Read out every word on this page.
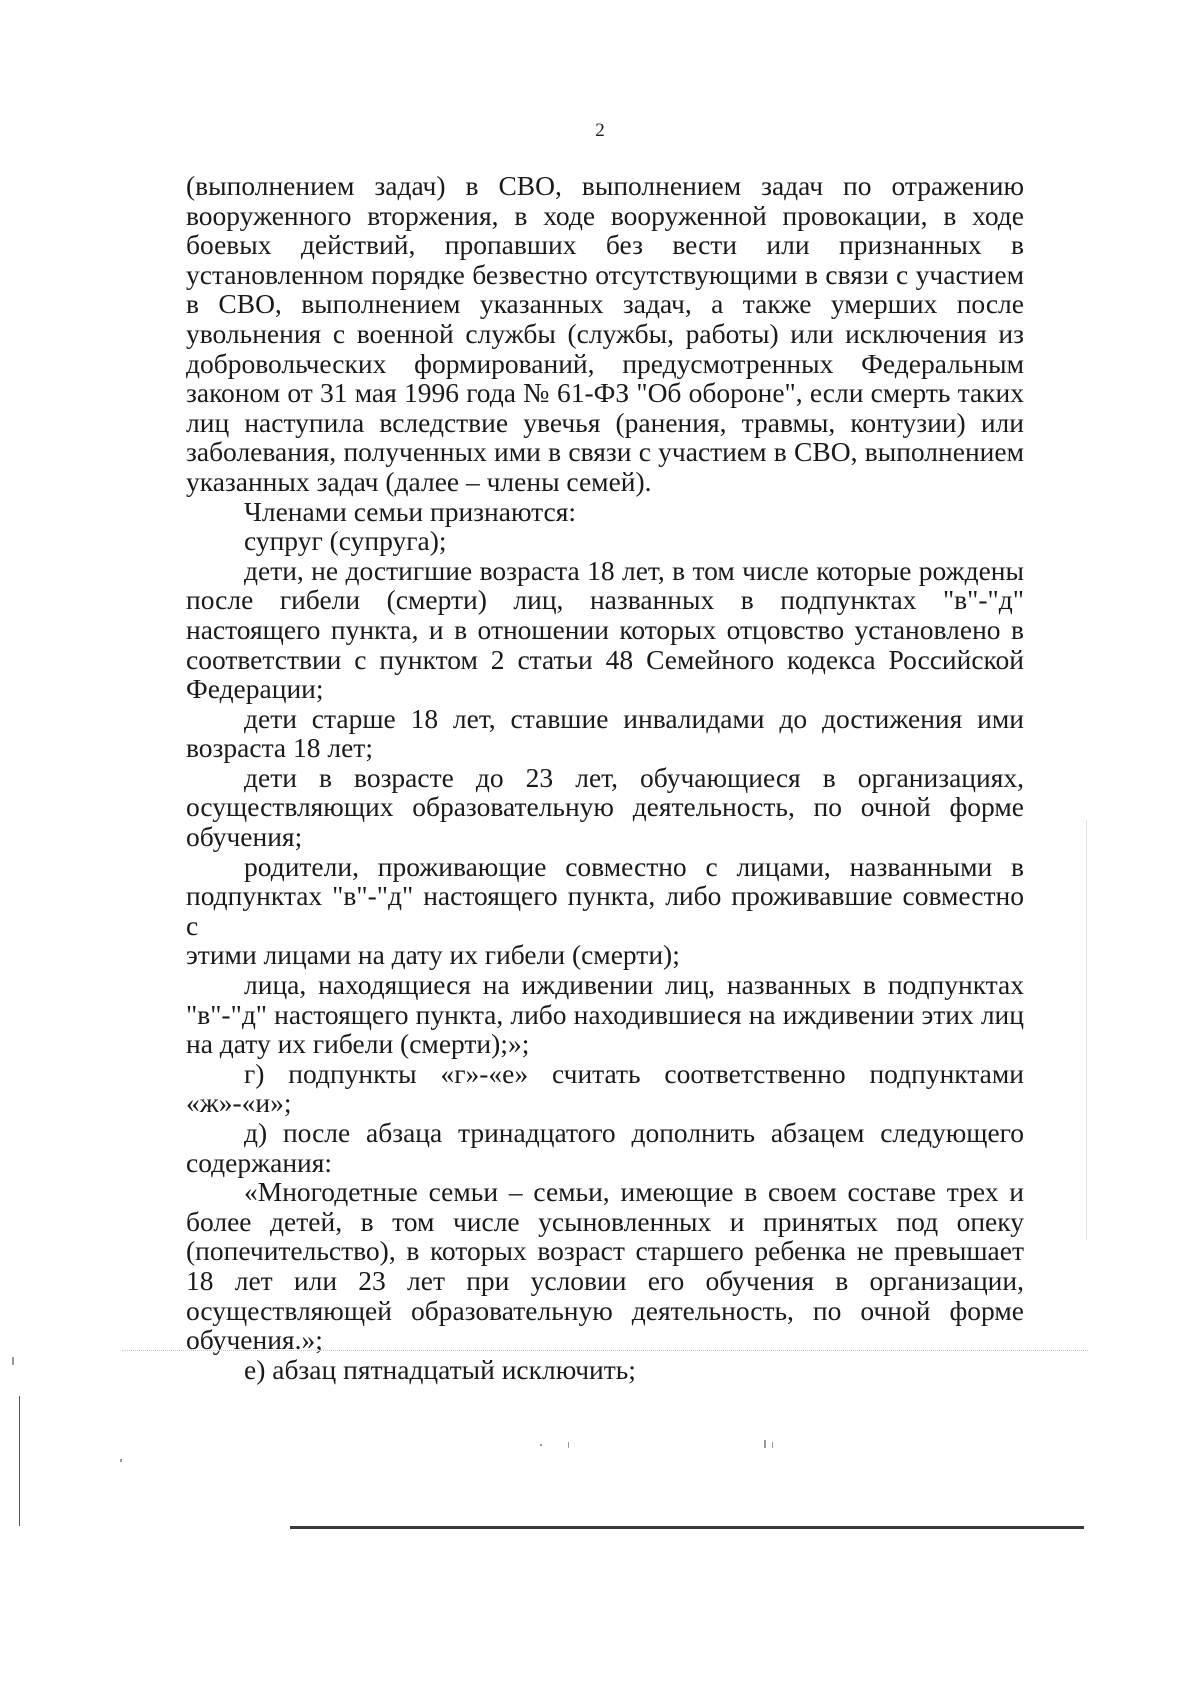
2

(выполнением задач) в СВО, выполнением задач по отражению вооруженного вторжения, в ходе вооруженной провокации, в ходе боевых действий, пропавших без вести или признанных в установленном порядке безвестно отсутствующими в связи с участием в СВО, выполнением указанных задач, а также умерших после увольнения с военной службы (службы, работы) или исключения из добровольческих формирований, предусмотренных Федеральным законом от 31 мая 1996 года № 61-ФЗ "Об обороне", если смерть таких лиц наступила вследствие увечья (ранения, травмы, контузии) или заболевания, полученных ими в связи с участием в СВО, выполнением указанных задач (далее – члены семей).

Членами семьи признаются:

супруг (супруга);

дети, не достигшие возраста 18 лет, в том числе которые рождены после гибели (смерти) лиц, названных в подпунктах "в"-"д" настоящего пункта, и в отношении которых отцовство установлено в соответствии с пунктом 2 статьи 48 Семейного кодекса Российской Федерации;

дети старше 18 лет, ставшие инвалидами до достижения ими возраста 18 лет;

дети в возрасте до 23 лет, обучающиеся в организациях, осуществляющих образовательную деятельность, по очной форме обучения;

родители, проживающие совместно с лицами, названными в подпунктах "в"-"д" настоящего пункта, либо проживавшие совместно с

этими лицами на дату их гибели (смерти);

лица, находящиеся на иждивении лиц, названных в подпунктах "в"-"д" настоящего пункта, либо находившиеся на иждивении этих лиц на дату их гибели (смерти);»;

г) подпункты «г»-«е» считать соответственно подпунктами «ж»-«и»;

д) после абзаца тринадцатого дополнить абзацем следующего содержания:

«Многодетные семьи – семьи, имеющие в своем составе трех и более детей, в том числе усыновленных и принятых под опеку (попечительство), в которых возраст старшего ребенка не превышает 18 лет или 23 лет при условии его обучения в организации, осуществляющей образовательную деятельность, по очной форме обучения.»;

е) абзац пятнадцатый исключить;
